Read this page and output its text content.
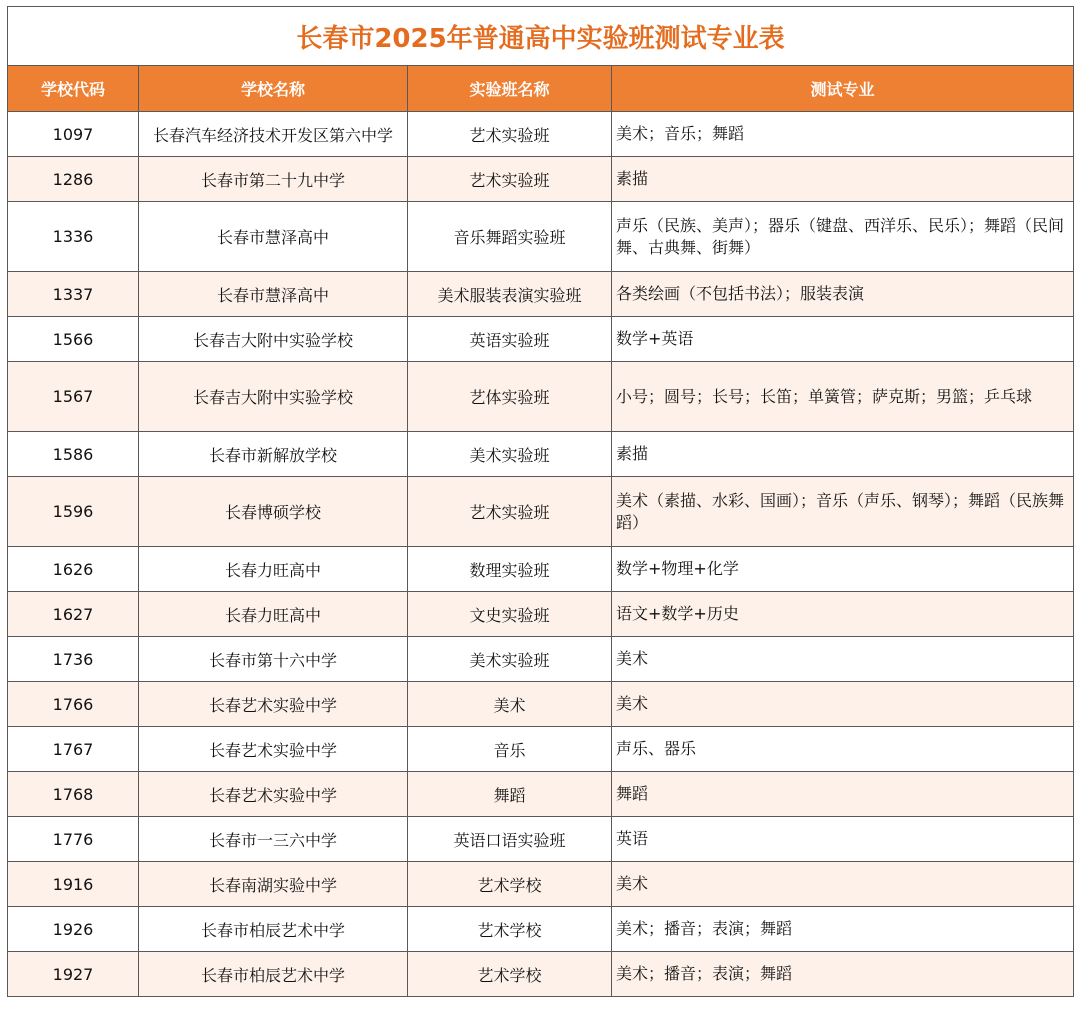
长春市2025年普通高中实验班测试专业表			
学校代码	学校名称	实验班名称	测试专业
1097	长春汽车经济技术开发区第六中学	艺术实验班	美术；音乐；舞蹈
1286	长春市第二十九中学	艺术实验班	素描
1336	长春市慧泽高中	音乐舞蹈实验班	声乐（民族、美声）；器乐（键盘、西洋乐、民乐）；舞蹈（民间舞、古典舞、街舞）
1337	长春市慧泽高中	美术服装表演实验班	各类绘画（不包括书法）；服装表演
1566	长春吉大附中实验学校	英语实验班	数学+英语
1567	长春吉大附中实验学校	艺体实验班	小号；圆号；长号；长笛；单簧管；萨克斯；男篮；乒乓球
1586	长春市新解放学校	美术实验班	素描
1596	长春博硕学校	艺术实验班	美术（素描、水彩、国画）；音乐（声乐、钢琴）；舞蹈（民族舞蹈）
1626	长春力旺高中	数理实验班	数学+物理+化学
1627	长春力旺高中	文史实验班	语文+数学+历史
1736	长春市第十六中学	美术实验班	美术
1766	长春艺术实验中学	美术	美术
1767	长春艺术实验中学	音乐	声乐、器乐
1768	长春艺术实验中学	舞蹈	舞蹈
1776	长春市一三六中学	英语口语实验班	英语
1916	长春南湖实验中学	艺术学校	美术
1926	长春市柏辰艺术中学	艺术学校	美术；播音；表演；舞蹈
1927	长春市柏辰艺术中学	艺术学校	美术；播音；表演；舞蹈
